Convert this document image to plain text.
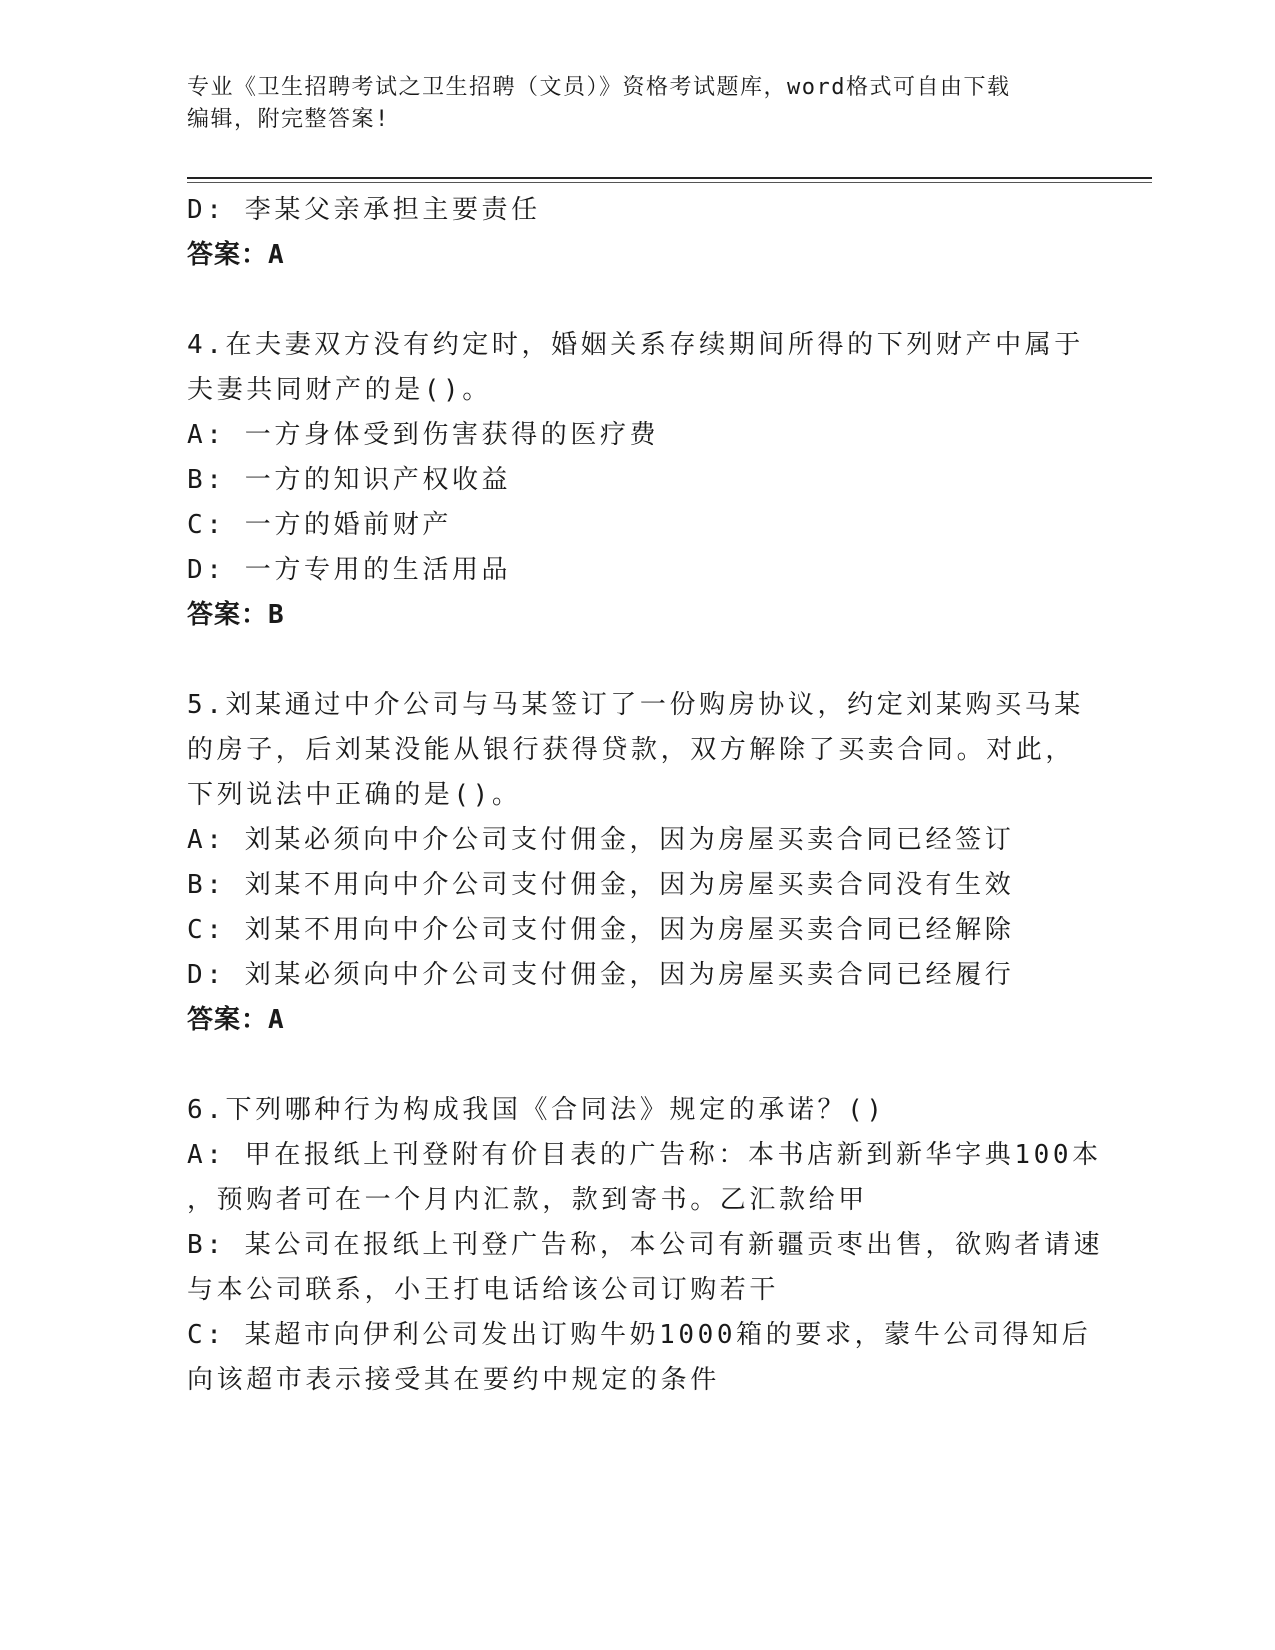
专业《卫生招聘考试之卫生招聘（文员）》资格考试题库，word格式可自由下载
编辑，附完整答案!
D: 李某父亲承担主要责任
答案：A
4.在夫妻双方没有约定时，婚姻关系存续期间所得的下列财产中属于
夫妻共同财产的是()。
A: 一方身体受到伤害获得的医疗费
B: 一方的知识产权收益
C: 一方的婚前财产
D: 一方专用的生活用品
答案：B
5.刘某通过中介公司与马某签订了一份购房协议，约定刘某购买马某
的房子，后刘某没能从银行获得贷款，双方解除了买卖合同。对此，
下列说法中正确的是()。
A: 刘某必须向中介公司支付佣金，因为房屋买卖合同已经签订
B: 刘某不用向中介公司支付佣金，因为房屋买卖合同没有生效
C: 刘某不用向中介公司支付佣金，因为房屋买卖合同已经解除
D: 刘某必须向中介公司支付佣金，因为房屋买卖合同已经履行
答案：A
6.下列哪种行为构成我国《合同法》规定的承诺？()
A: 甲在报纸上刊登附有价目表的广告称：本书店新到新华字典100本
，预购者可在一个月内汇款，款到寄书。乙汇款给甲
B: 某公司在报纸上刊登广告称，本公司有新疆贡枣出售，欲购者请速
与本公司联系，小王打电话给该公司订购若干
C: 某超市向伊利公司发出订购牛奶1000箱的要求，蒙牛公司得知后
向该超市表示接受其在要约中规定的条件
